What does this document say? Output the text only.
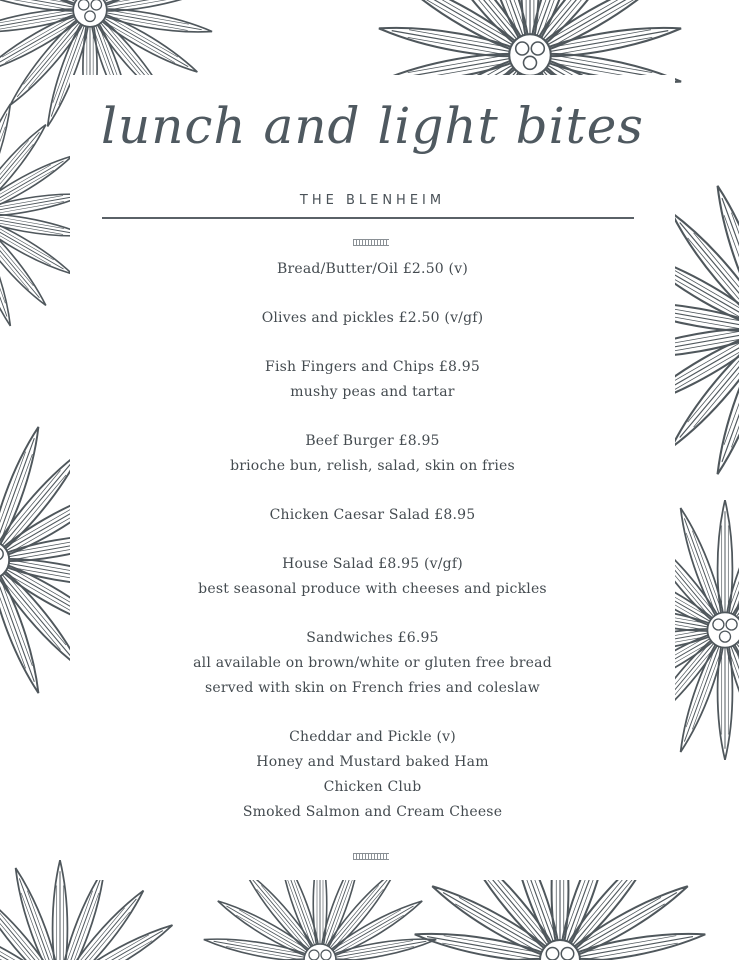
lunch and light bites

THE BLENHEIM

Bread/Butter/Oil £2.50 (v)
Olives and pickles £2.50 (v/gf)
Fish Fingers and Chips £8.95
mushy peas and tartar
Beef Burger £8.95
brioche bun, relish, salad, skin on fries
Chicken Caesar Salad £8.95
House Salad £8.95 (v/gf)
best seasonal produce with cheeses and pickles
Sandwiches £6.95
all available on brown/white or gluten free bread
served with skin on French fries and coleslaw
Cheddar and Pickle (v)
Honey and Mustard baked Ham
Chicken Club
Smoked Salmon and Cream Cheese
